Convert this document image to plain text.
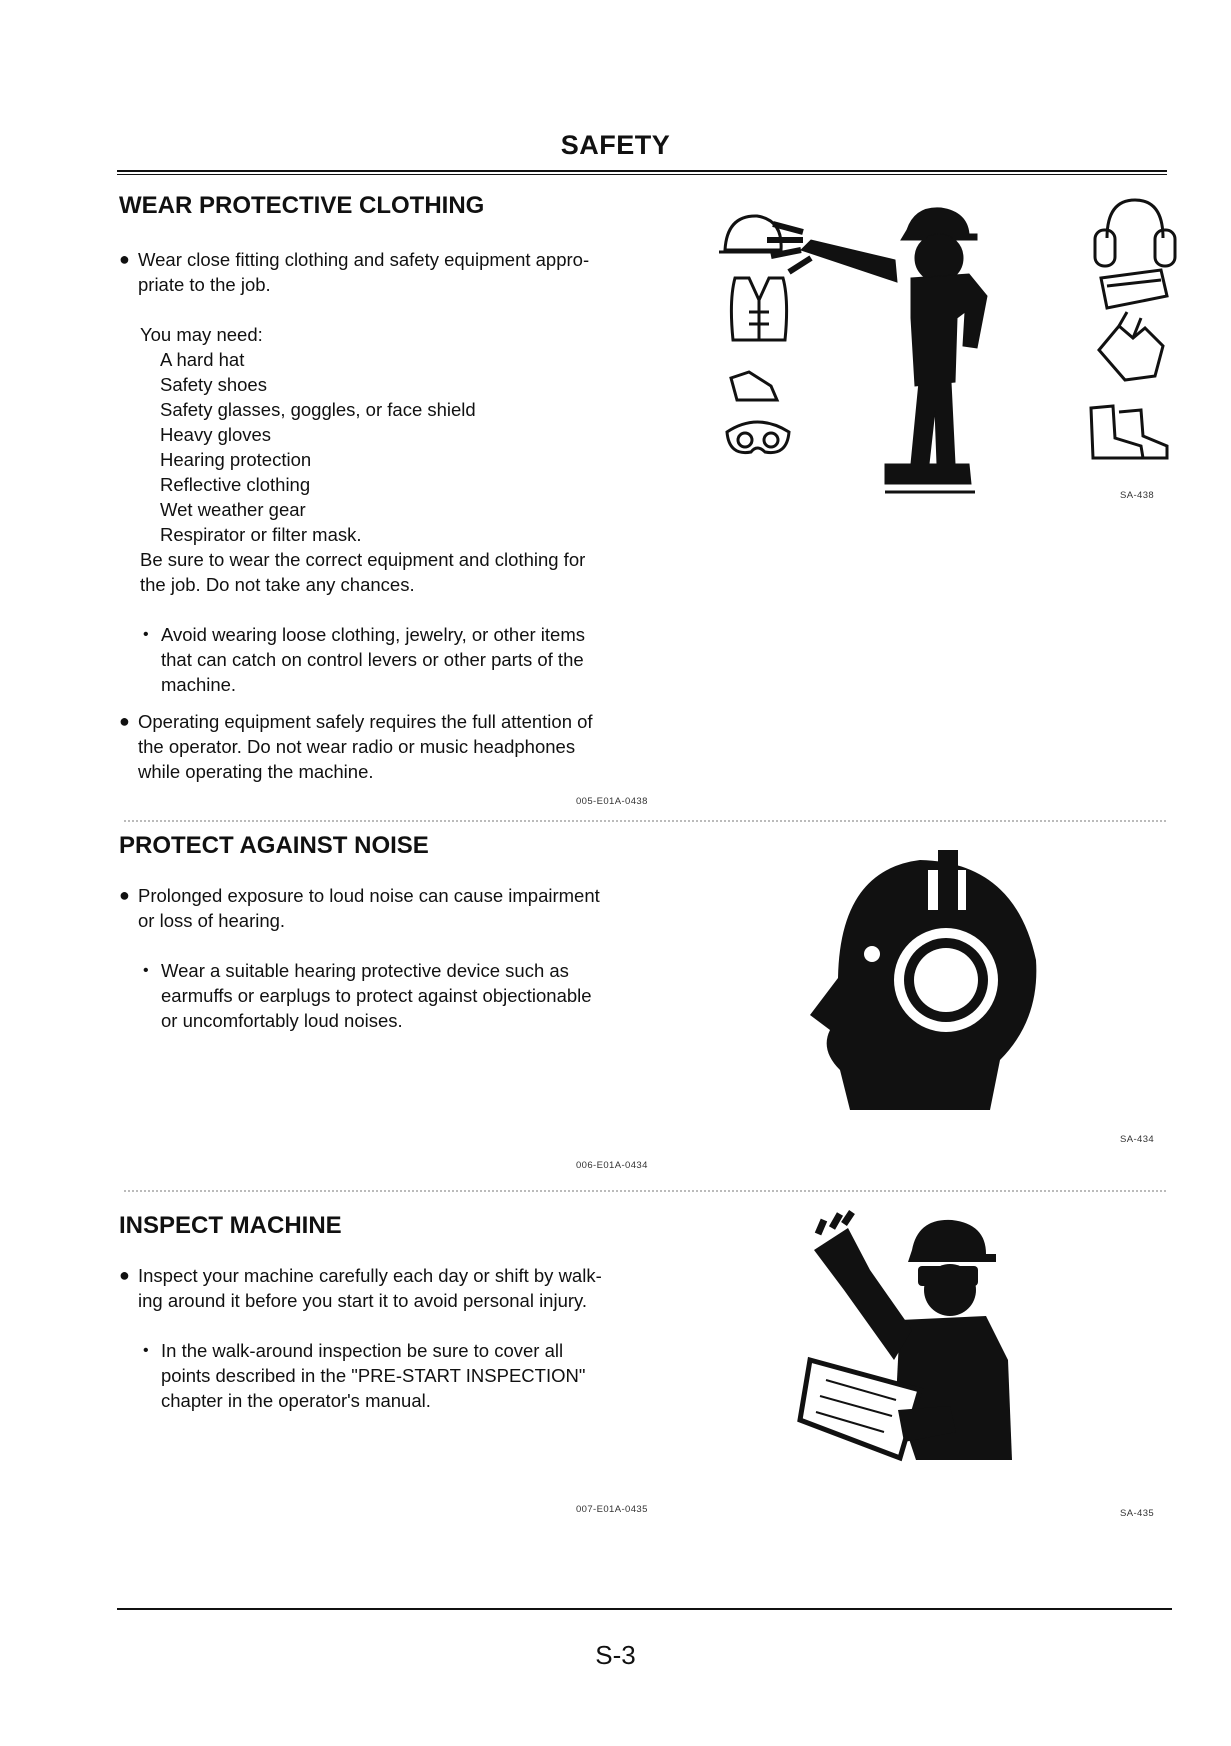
SAFETY
WEAR PROTECTIVE CLOTHING
● Wear close fitting clothing and safety equipment appro-
priate to the job.
You may need:
A hard hat
Safety shoes
Safety glasses, goggles, or face shield
Heavy gloves
Hearing protection
Reflective clothing
Wet weather gear
Respirator or filter mask.
Be sure to wear the correct equipment and clothing for
the job. Do not take any chances.
• Avoid wearing loose clothing, jewelry, or other items
that can catch on control levers or other parts of the
machine.
● Operating equipment safely requires the full attention of
the operator. Do not wear radio or music headphones
while operating the machine.
005-E01A-0438
SA-438
PROTECT AGAINST NOISE
● Prolonged exposure to loud noise can cause impairment
or loss of hearing.
• Wear a suitable hearing protective device such as
earmuffs or earplugs to protect against objectionable
or uncomfortably loud noises.
006-E01A-0434
SA-434
INSPECT MACHINE
● Inspect your machine carefully each day or shift by walk-
ing around it before you start it to avoid personal injury.
• In the walk-around inspection be sure to cover all
points described in the "PRE-START INSPECTION"
chapter in the operator's manual.
007-E01A-0435	SA-435
S-3
